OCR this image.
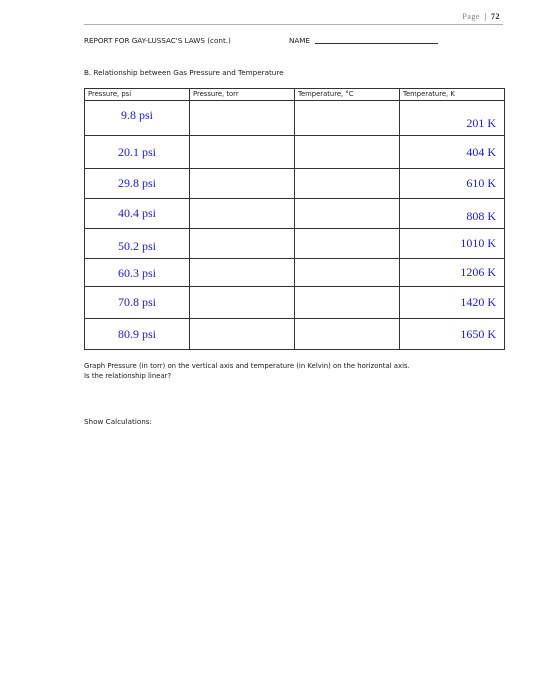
Page | 72
REPORT FOR GAY-LUSSAC'S LAWS (cont.)	NAME
B. Relationship between Gas Pressure and Temperature
Pressure, psi	Pressure, torr	Temperature, °C	Temperature, K
9.8 psi			201 K
20.1 psi			404 K
29.8 psi			610 K
40.4 psi			808 K
50.2 psi			1010 K
60.3 psi			1206 K
70.8 psi			1420 K
80.9 psi			1650 K
Graph Pressure (in torr) on the vertical axis and temperature (in Kelvin) on the horizontal axis.
Is the relationship linear?
Show Calculations:
